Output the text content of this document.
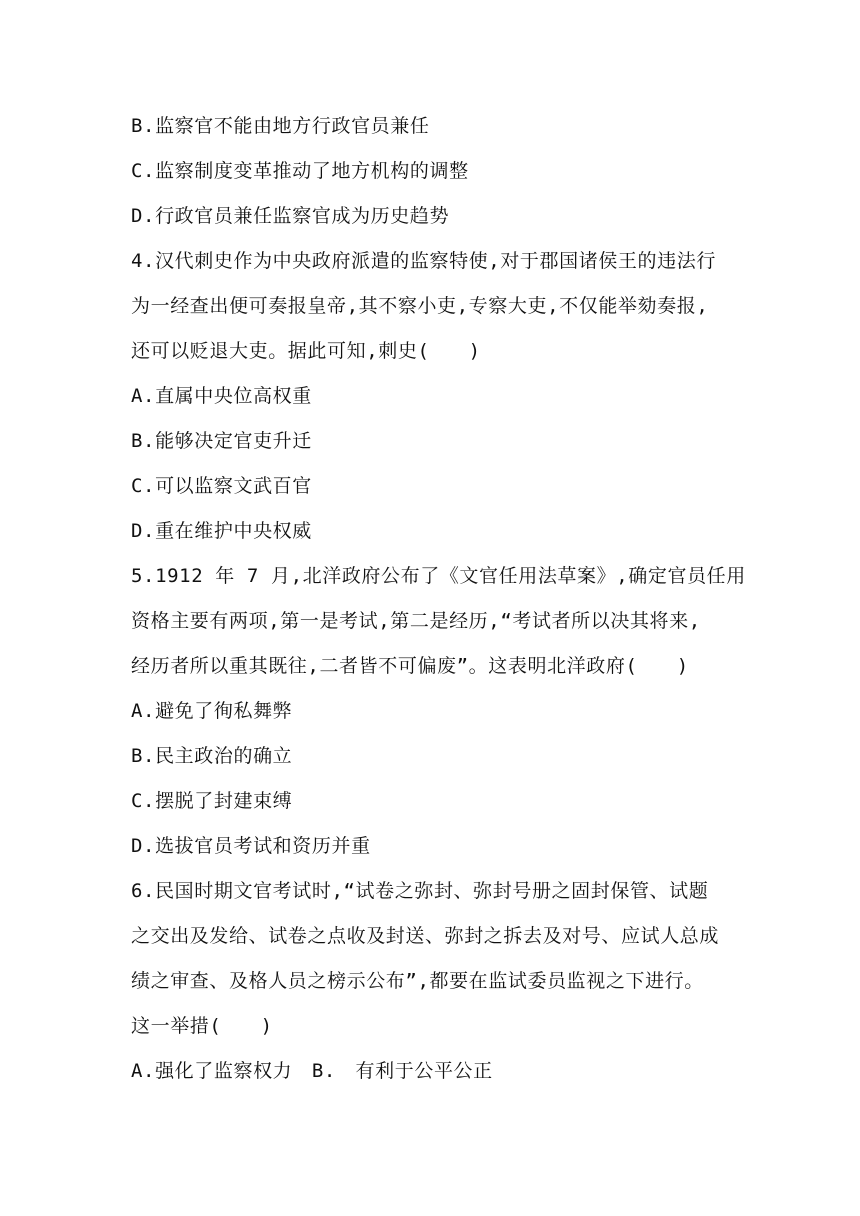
B.监察官不能由地方行政官员兼任
C.监察制度变革推动了地方机构的调整
D.行政官员兼任监察官成为历史趋势
4.汉代刺史作为中央政府派遣的监察特使,对于郡国诸侯王的违法行
为一经查出便可奏报皇帝,其不察小吏,专察大吏,不仅能举劾奏报,
还可以贬退大吏。据此可知,刺史(　　)
A.直属中央位高权重
B.能够决定官吏升迁
C.可以监察文武百官
D.重在维护中央权威
5.1912 年 7 月,北洋政府公布了《文官任用法草案》,确定官员任用
资格主要有两项,第一是考试,第二是经历,“考试者所以决其将来,
经历者所以重其既往,二者皆不可偏废”。这表明北洋政府(　　)
A.避免了徇私舞弊
B.民主政治的确立
C.摆脱了封建束缚
D.选拔官员考试和资历并重
6.民国时期文官考试时,“试卷之弥封、弥封号册之固封保管、试题
之交出及发给、试卷之点收及封送、弥封之拆去及对号、应试人总成
绩之审查、及格人员之榜示公布”,都要在监试委员监视之下进行。
这一举措(　　)
A.强化了监察权力　B.　有利于公平公正
